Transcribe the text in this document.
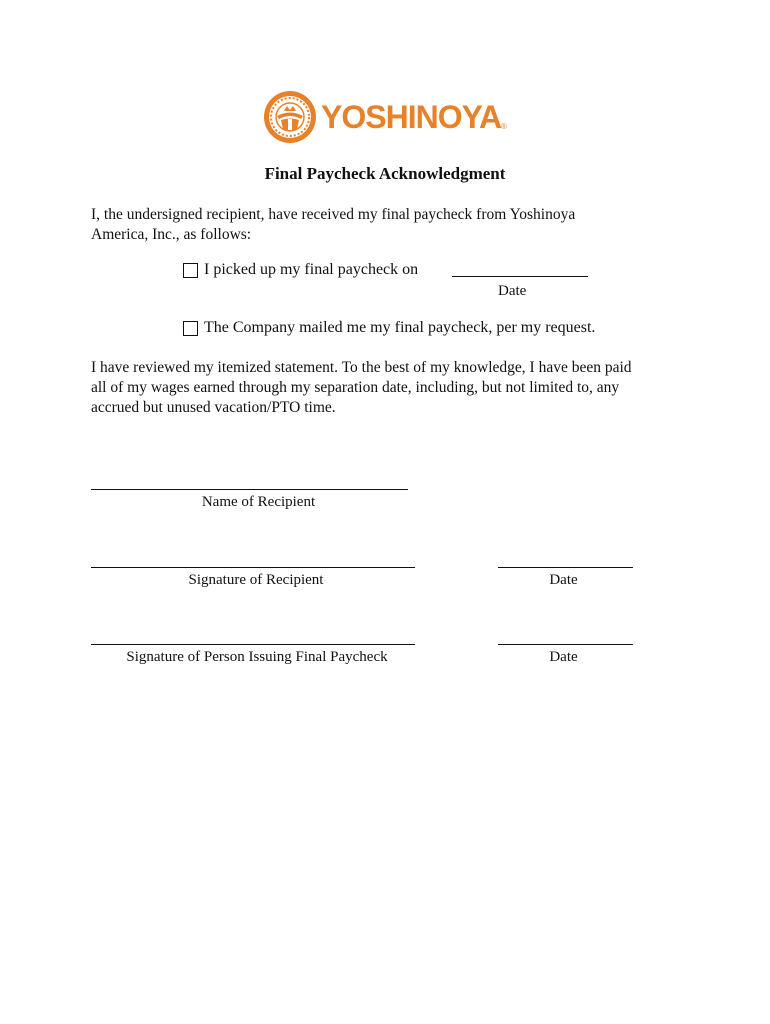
YOSHINOYA ®
Final Paycheck Acknowledgment
I, the undersigned recipient, have received my final paycheck from Yoshinoya
America, Inc., as follows:
I picked up my final paycheck on
Date
The Company mailed me my final paycheck, per my request.
I have reviewed my itemized statement. To the best of my knowledge, I have been paid
all of my wages earned through my separation date, including, but not limited to, any
accrued but unused vacation/PTO time.
Name of Recipient
Signature of Recipient	Date
Signature of Person Issuing Final Paycheck	Date
